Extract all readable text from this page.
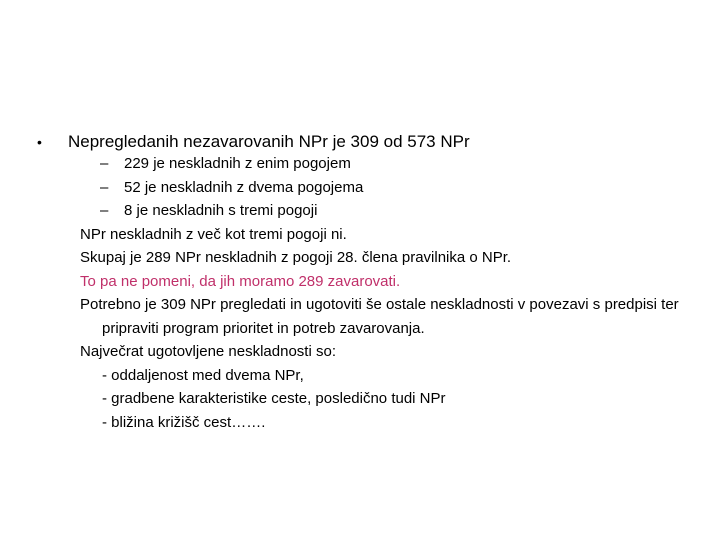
• Nepregledanih nezavarovanih NPr je 309 od 573 NPr
–	229 je neskladnih z enim pogojem
–	52 je neskladnih z dvema pogojema
–	8 je neskladnih s tremi pogoji
NPr neskladnih z več kot tremi pogoji ni.
Skupaj je 289 NPr neskladnih z pogoji 28. člena pravilnika o NPr.
To pa ne pomeni, da jih moramo 289 zavarovati.
Potrebno je 309 NPr pregledati in ugotoviti še ostale neskladnosti v povezavi s predpisi ter pripraviti program prioritet in potreb zavarovanja.
Največrat ugotovljene neskladnosti so:
- oddaljenost med dvema NPr,
- gradbene karakteristike ceste, posledično tudi NPr
- bližina križišč cest…….
